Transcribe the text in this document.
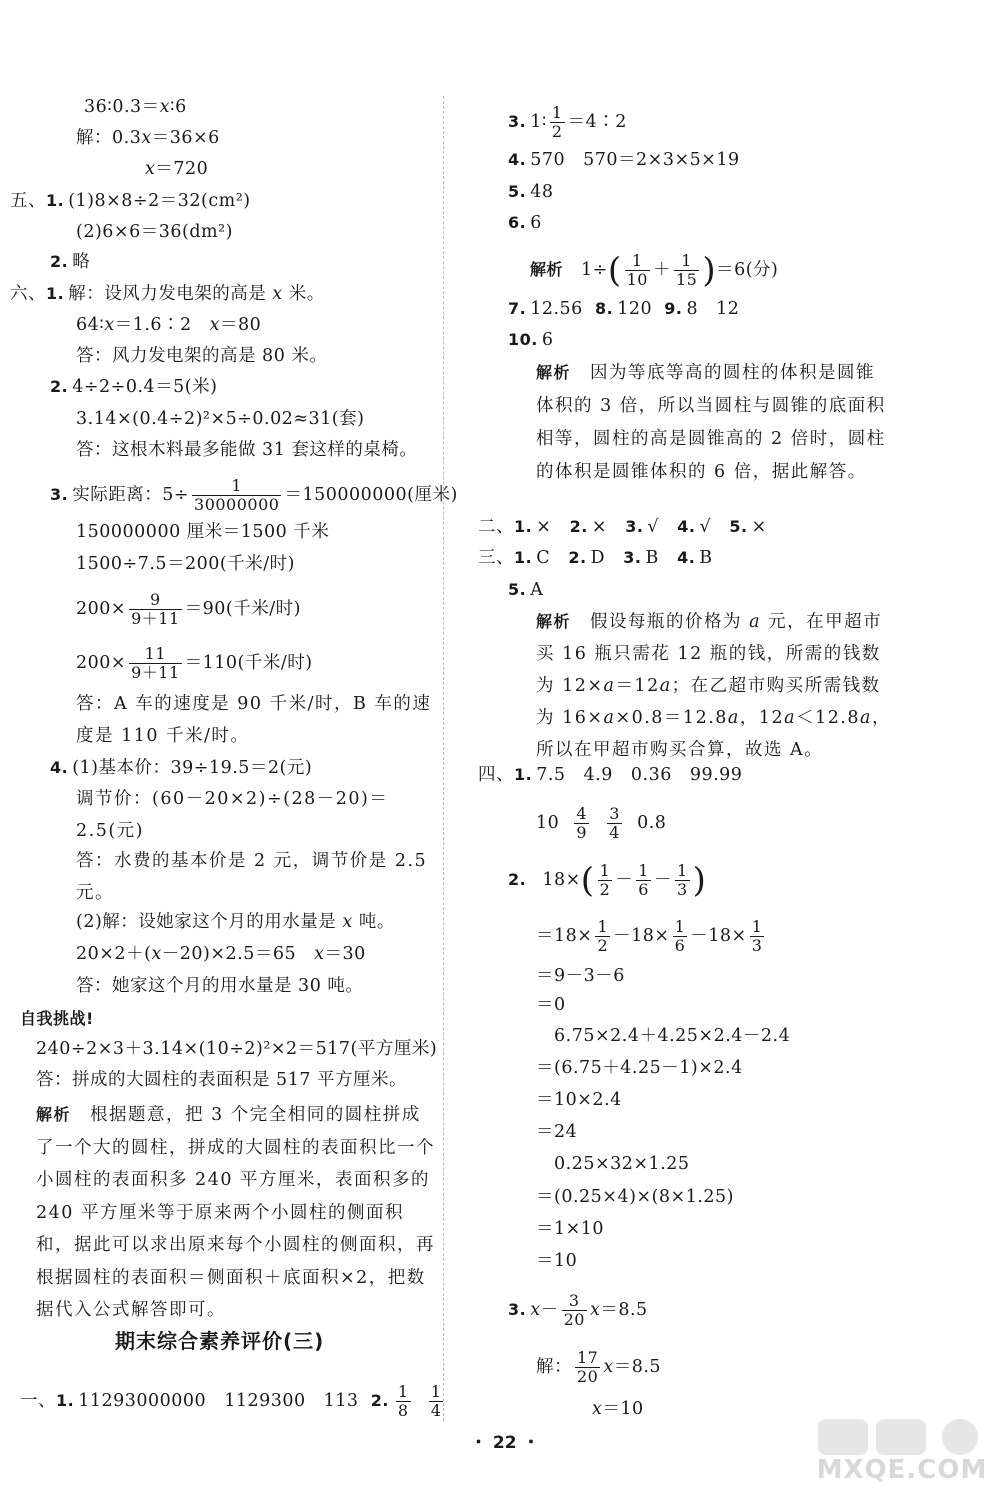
36∶0.3＝x∶6
解：0.3x＝36×6
x＝720
五、1. (1)8×8÷2＝32(cm²)
(2)6×6＝36(dm²)
2. 略
六、1. 解：设风力发电架的高是 x 米。
64∶x＝1.6∶2　x＝80
答：风力发电架的高是 80 米。
2. 4÷2÷0.4＝5(米)
3.14×(0.4÷2)²×5÷0.02≈31(套)
答：这根木料最多能做 31 套这样的桌椅。
3. 实际距离：$5\div \frac{1}{30000000} =150000000$(厘米)
150000000 厘米＝1500 千米
1500÷7.5＝200(千米/时)
$200\times \frac{9}{9+11} =90$(千米/时)
$200\times \frac{11}{9+11} =110$(千米/时)
答：A 车的速度是 90 千米/时，B 车的速度是 110 千米/时。
4. (1)基本价：39÷19.5＝2(元)
调节价：(60－20×2)÷(28－20)＝2.5(元)
答：水费的基本价是 2 元，调节价是 2.5 元。
(2)解：设她家这个月的用水量是 x 吨。
20×2＋(x－20)×2.5＝65　x＝30
答：她家这个月的用水量是 30 吨。
自我挑战!
240÷2×3＋3.14×(10÷2)²×2＝517(平方厘米)
答：拼成的大圆柱的表面积是 517 平方厘米。
解析　 根据题意，把 3 个完全相同的圆柱拼成了一个大的圆柱，拼成的大圆柱的表面积比一个小圆柱的表面积多 240 平方厘米，表面积多的 240 平方厘米等于原来两个小圆柱的侧面积和，据此可以求出原来每个小圆柱的侧面积，再根据圆柱的表面积＝侧面积＋底面积×2，把数据代入公式解答即可。
期末综合素养评价(三)
一、1. 11293000000　1129300　113 2. $\frac{1}{8}$
$\frac{1}{4}$
3. 1∶ $\frac{1}{2}$ ＝4∶2
4. 570　570＝2×3×5×19
5. 48
6. 6
解析　 $1\div( \frac{1}{10} + \frac{1}{15} )=6$(分)
7. 12.56 8. 120 9. 8　12
10. 6
解析　 因为等底等高的圆柱的体积是圆锥体积的 3 倍，所以当圆柱与圆锥的底面积相等，圆柱的高是圆锥高的 2 倍时，圆柱的体积是圆锥体积的 6 倍，据此解答。
二、1. × 2. × 3. √ 4. √ 5. ×
三、1. C 2. D 3. B 4. B
5. A
解析　 假设每瓶的价格为 a 元，在甲超市买 16 瓶只需花 12 瓶的钱，所需的钱数为 12×a＝12a；在乙超市购买所需钱数为 16×a×0.8＝12.8a，12a＜12.8a，所以在甲超市购买合算，故选 A。
四、1. 7.5　4.9　0.36　99.99
$10 \frac{4}{9}$
$\frac{3}{4} 0.8$
2. $18\times( \frac{1}{2} - \frac{1}{6} - \frac{1}{3}$ )
$=18\times \frac{1}{2} -18\times \frac{1}{6} -18\times \frac{1}{3}$
＝9－3－6
＝0
6.75×2.4＋4.25×2.4－2.4
＝(6.75＋4.25－1)×2.4
＝10×2.4
＝24
0.25×32×1.25
＝(0.25×4)×(8×1.25)
＝1×10
＝10
3. $x- \frac{3}{20} x=8.5$
解： $\frac{17}{20} x=8.5$
x＝10
・ 22 ・
MXQE.COM
